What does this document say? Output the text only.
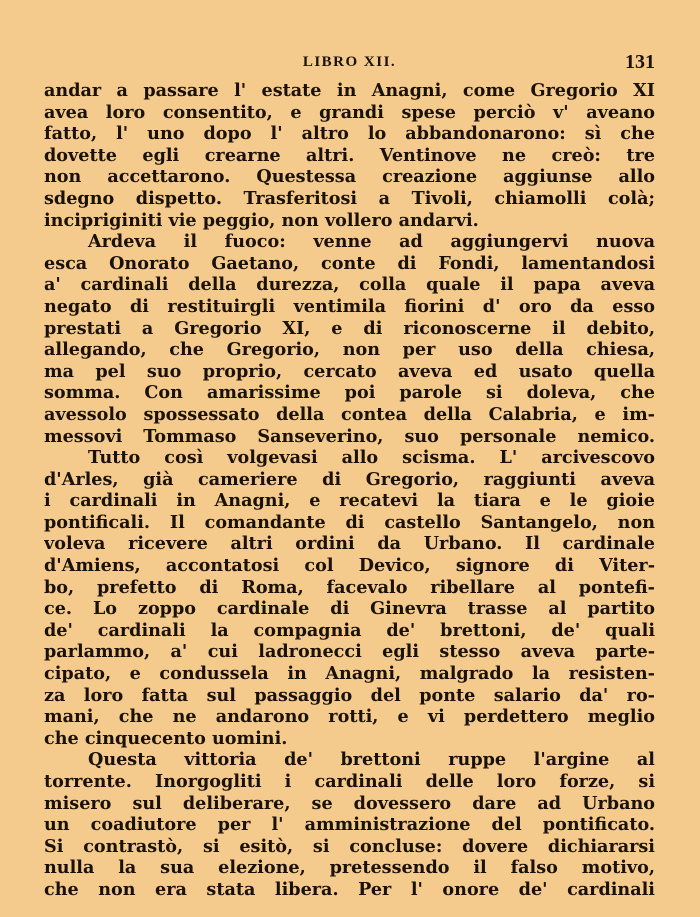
LIBRO XII.	131
andar a passare l' estate in Anagni, come Gregorio XI
avea loro consentito, e grandi spese perciò v' aveano
fatto, l' uno dopo l' altro lo abbandonarono: sì che
dovette egli crearne altri. Ventinove ne creò: tre
non accettarono. Questessa creazione aggiunse allo
sdegno dispetto. Trasferitosi a Tivoli, chiamolli colà;
incipriginiti vie peggio, non vollero andarvi.
Ardeva il fuoco: venne ad aggiungervi nuova
esca Onorato Gaetano, conte di Fondi, lamentandosi
a' cardinali della durezza, colla quale il papa aveva
negato di restituirgli ventimila fiorini d' oro da esso
prestati a Gregorio XI, e di riconoscerne il debito,
allegando, che Gregorio, non per uso della chiesa,
ma pel suo proprio, cercato aveva ed usato quella
somma. Con amarissime poi parole si doleva, che
avessolo spossessato della contea della Calabria, e im-
messovi Tommaso Sanseverino, suo personale nemico.
Tutto così volgevasi allo scisma. L' arcivescovo
d'Arles, già cameriere di Gregorio, raggiunti aveva
i cardinali in Anagni, e recatevi la tiara e le gioie
pontificali. Il comandante di castello Santangelo, non
voleva ricevere altri ordini da Urbano. Il cardinale
d'Amiens, accontatosi col Devico, signore di Viter-
bo, prefetto di Roma, facevalo ribellare al pontefi-
ce. Lo zoppo cardinale di Ginevra trasse al partito
de' cardinali la compagnia de' brettoni, de' quali
parlammo, a' cui ladronecci egli stesso aveva parte-
cipato, e condussela in Anagni, malgrado la resisten-
za loro fatta sul passaggio del ponte salario da' ro-
mani, che ne andarono rotti, e vi perdettero meglio
che cinquecento uomini.
Questa vittoria de' brettoni ruppe l'argine al
torrente. Inorgogliti i cardinali delle loro forze, si
misero sul deliberare, se dovessero dare ad Urbano
un coadiutore per l' amministrazione del pontificato.
Si contrastò, si esitò, si concluse: dovere dichiararsi
nulla la sua elezione, pretessendo il falso motivo,
che non era stata libera. Per l' onore de' cardinali
